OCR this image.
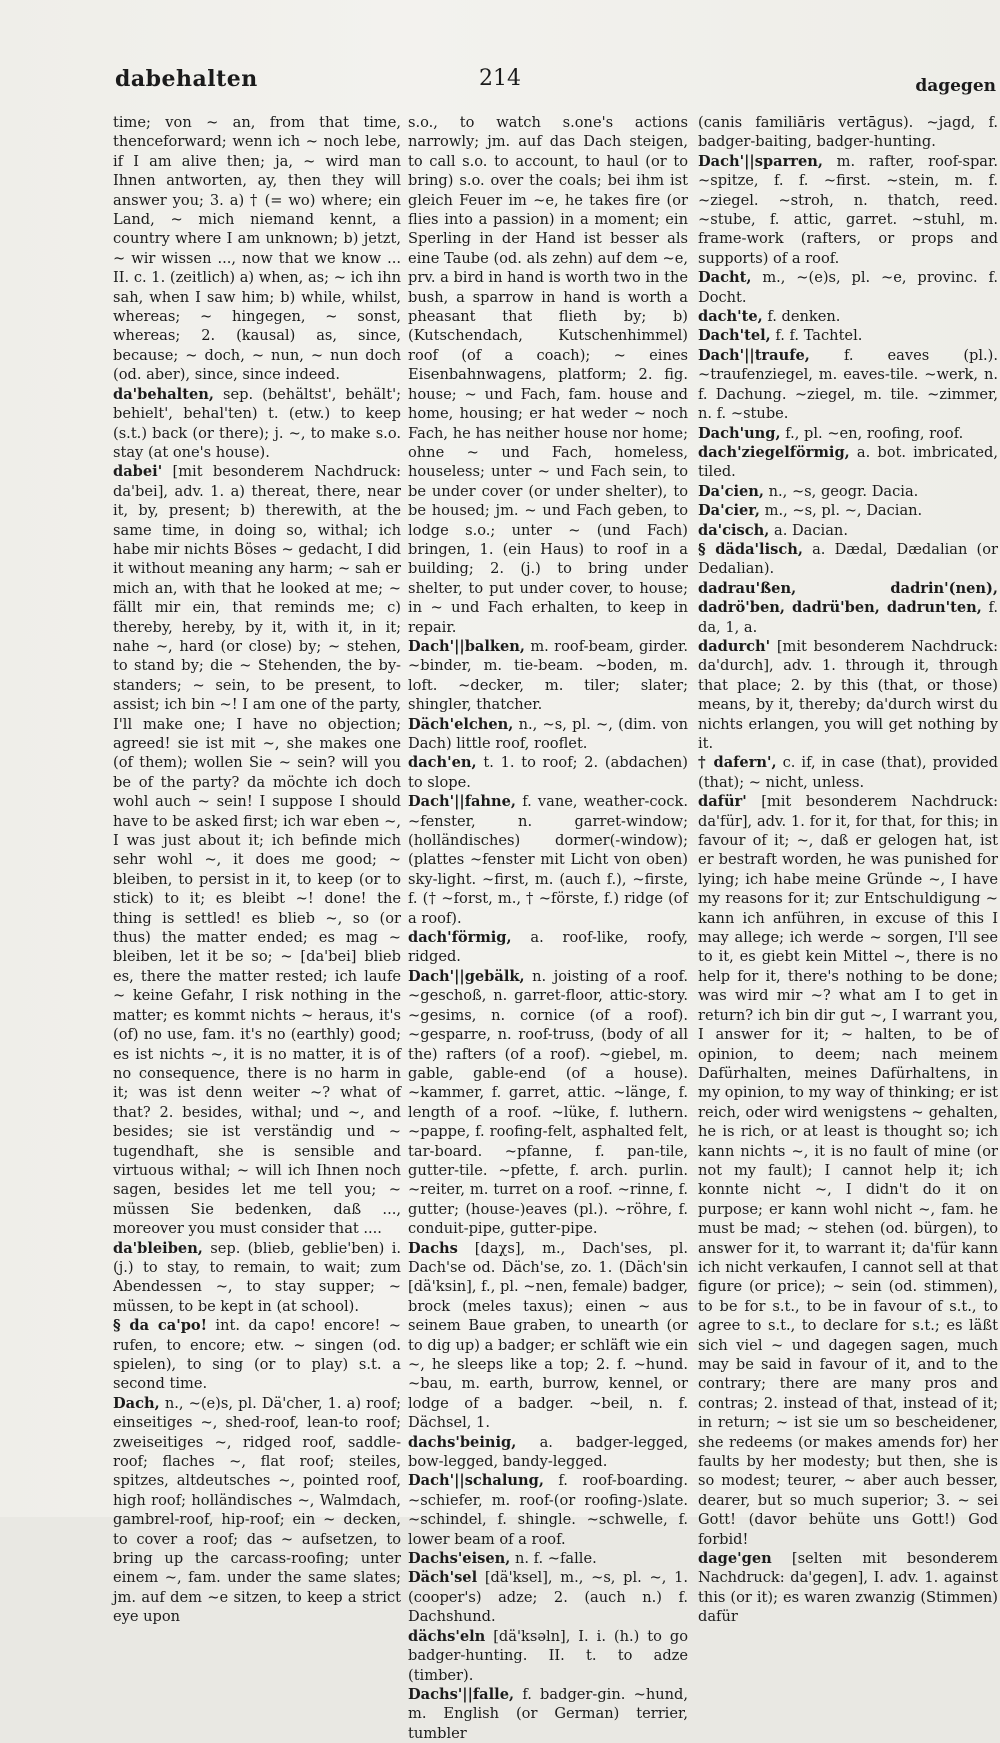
dabehalten	214	dagegen

time; von ~ an, from that time, thenceforward; wenn ich ~ noch lebe, if I am alive then; ja, ~ wird man Ihnen antworten, ay, then they will answer you; 3. a) † (= wo) where; ein Land, ~ mich niemand kennt, a country where I am unknown; b) jetzt, ~ wir wissen ..., now that we know ... II. c. 1. (zeitlich) a) when, as; ~ ich ihn sah, when I saw him; b) while, whilst, whereas; ~ hingegen, ~ sonst, whereas; 2. (kausal) as, since, because; ~ doch, ~ nun, ~ nun doch (od. aber), since, since indeed.

da'behalten, sep. (behältst', behält'; behielt', behal'ten) t. (etw.) to keep (s.t.) back (or there); j. ~, to make s.o. stay (at one's house).

dabei' [mit besonderem Nachdruck: da'bei], adv. 1. a) thereat, there, near it, by, present; b) therewith, at the same time, in doing so, withal; ich habe mir nichts Böses ~ gedacht, I did it without meaning any harm; ~ sah er mich an, with that he looked at me; ~ fällt mir ein, that reminds me; c) thereby, hereby, by it, with it, in it; nahe ~, hard (or close) by; ~ stehen, to stand by; die ~ Stehenden, the by-standers; ~ sein, to be present, to assist; ich bin ~! I am one of the party, I'll make one; I have no objection; agreed! sie ist mit ~, she makes one (of them); wollen Sie ~ sein? will you be of the party? da möchte ich doch wohl auch ~ sein! I suppose I should have to be asked first; ich war eben ~, I was just about it; ich befinde mich sehr wohl ~, it does me good; ~ bleiben, to persist in it, to keep (or to stick) to it; es bleibt ~! done! the thing is settled! es blieb ~, so (or thus) the matter ended; es mag ~ bleiben, let it be so; ~ [da'bei] blieb es, there the matter rested; ich laufe ~ keine Gefahr, I risk nothing in the matter; es kommt nichts ~ heraus, it's (of) no use, fam. it's no (earthly) good; es ist nichts ~, it is no matter, it is of no consequence, there is no harm in it; was ist denn weiter ~? what of that? 2. besides, withal; und ~, and besides; sie ist verständig und ~ tugendhaft, she is sensible and virtuous withal; ~ will ich Ihnen noch sagen, besides let me tell you; ~ müssen Sie bedenken, daß ..., moreover you must consider that ....

da'bleiben, sep. (blieb, geblie'ben) i. (j.) to stay, to remain, to wait; zum Abendessen ~, to stay supper; ~ müssen, to be kept in (at school).

§ da ca'po! int. da capo! encore! ~ rufen, to encore; etw. ~ singen (od. spielen), to sing (or to play) s.t. a second time.

Dach, n., ~(e)s, pl. Dä'cher, 1. a) roof; einseitiges ~, shed-roof, lean-to roof; zweiseitiges ~, ridged roof, saddle-roof; flaches ~, flat roof; steiles, spitzes, altdeutsches ~, pointed roof, high roof; holländisches ~, Walmdach, gambrel-roof, hip-roof; ein ~ decken, to cover a roof; das ~ aufsetzen, to bring up the carcass-roofing; unter einem ~, fam. under the same slates; jm. auf dem ~e sitzen, to keep a strict eye upon

s.o., to watch s.one's actions narrowly; jm. auf das Dach steigen, to call s.o. to account, to haul (or to bring) s.o. over the coals; bei ihm ist gleich Feuer im ~e, he takes fire (or flies into a passion) in a moment; ein Sperling in der Hand ist besser als eine Taube (od. als zehn) auf dem ~e, prv. a bird in hand is worth two in the bush, a sparrow in hand is worth a pheasant that flieth by; b) (Kutschendach, Kutschenhimmel) roof (of a coach); ~ eines Eisenbahnwagens, platform; 2. fig. house; ~ und Fach, fam. house and home, housing; er hat weder ~ noch Fach, he has neither house nor home; ohne ~ und Fach, homeless, houseless; unter ~ und Fach sein, to be under cover (or under shelter), to be housed; jm. ~ und Fach geben, to lodge s.o.; unter ~ (und Fach) bringen, 1. (ein Haus) to roof in a building; 2. (j.) to bring under shelter, to put under cover, to house; in ~ und Fach erhalten, to keep in repair.

Dach'||balken, m. roof-beam, girder. ~binder, m. tie-beam. ~boden, m. loft. ~decker, m. tiler; slater; shingler, thatcher.

Däch'elchen, n., ~s, pl. ~, (dim. von Dach) little roof, rooflet.

dach'en, t. 1. to roof; 2. (abdachen) to slope.

Dach'||fahne, f. vane, weather-cock. ~fenster, n. garret-window; (holländisches) dormer(-window); (plattes ~fenster mit Licht von oben) sky-light. ~first, m. (auch f.), ~firste, f. († ~forst, m., † ~förste, f.) ridge (of a roof).

dach'förmig, a. roof-like, roofy, ridged.

Dach'||gebälk, n. joisting of a roof. ~geschoß, n. garret-floor, attic-story. ~gesims, n. cornice (of a roof). ~gesparre, n. roof-truss, (body of all the) rafters (of a roof). ~giebel, m. gable, gable-end (of a house). ~kammer, f. garret, attic. ~länge, f. length of a roof. ~lüke, f. luthern. ~pappe, f. roofing-felt, asphalted felt, tar-board. ~pfanne, f. pan-tile, gutter-tile. ~pfette, f. arch. purlin. ~reiter, m. turret on a roof. ~rinne, f. gutter; (house-)eaves (pl.). ~röhre, f. conduit-pipe, gutter-pipe.

Dachs [daχs], m., Dach'ses, pl. Dach'se od. Däch'se, zo. 1. (Däch'sin [dä'ksin], f., pl. ~nen, female) badger, brock (meles taxus); einen ~ aus seinem Baue graben, to unearth (or to dig up) a badger; er schläft wie ein ~, he sleeps like a top; 2. f. ~hund. ~bau, m. earth, burrow, kennel, or lodge of a badger. ~beil, n. f. Dächsel, 1.

dachs'beinig, a. badger-legged, bow-legged, bandy-legged.

Dach'||schalung, f. roof-boarding. ~schiefer, m. roof-(or roofing-)slate. ~schindel, f. shingle. ~schwelle, f. lower beam of a roof.

Dachs'eisen, n. f. ~falle.

Däch'sel [dä'ksel], m., ~s, pl. ~, 1. (cooper's) adze; 2. (auch n.) f. Dachshund.

dächs'eln [dä'ksəln], I. i. (h.) to go badger-hunting. II. t. to adze (timber).

Dachs'||falle, f. badger-gin. ~hund, m. English (or German) terrier, tumbler

(canis familiāris vertāgus). ~jagd, f. badger-baiting, badger-hunting.

Dach'||sparren, m. rafter, roof-spar. ~spitze, f. f. ~first. ~stein, m. f. ~ziegel. ~stroh, n. thatch, reed. ~stube, f. attic, garret. ~stuhl, m. frame-work (rafters, or props and supports) of a roof.

Dacht, m., ~(e)s, pl. ~e, provinc. f. Docht.

dach'te, f. denken.

Dach'tel, f. f. Tachtel.

Dach'||traufe, f. eaves (pl.). ~traufenziegel, m. eaves-tile. ~werk, n. f. Dachung. ~ziegel, m. tile. ~zimmer, n. f. ~stube.

Dach'ung, f., pl. ~en, roofing, roof.

dach'ziegelförmig, a. bot. imbricated, tiled.

Da'cien, n., ~s, geogr. Dacia.

Da'cier, m., ~s, pl. ~, Dacian.

da'cisch, a. Dacian.

§ däda'lisch, a. Dædal, Dædalian (or Dedalian).

dadrau'ßen, dadrin'(nen), dadrö'ben, dadrü'ben, dadrun'ten, f. da, 1, a.

dadurch' [mit besonderem Nachdruck: da'durch], adv. 1. through it, through that place; 2. by this (that, or those) means, by it, thereby; da'durch wirst du nichts erlangen, you will get nothing by it.

† dafern', c. if, in case (that), provided (that); ~ nicht, unless.

dafür' [mit besonderem Nachdruck: da'für], adv. 1. for it, for that, for this; in favour of it; ~, daß er gelogen hat, ist er bestraft worden, he was punished for lying; ich habe meine Gründe ~, I have my reasons for it; zur Entschuldigung ~ kann ich anführen, in excuse of this I may allege; ich werde ~ sorgen, I'll see to it, es giebt kein Mittel ~, there is no help for it, there's nothing to be done; was wird mir ~? what am I to get in return? ich bin dir gut ~, I warrant you, I answer for it; ~ halten, to be of opinion, to deem; nach meinem Dafürhalten, meines Dafürhaltens, in my opinion, to my way of thinking; er ist reich, oder wird wenigstens ~ gehalten, he is rich, or at least is thought so; ich kann nichts ~, it is no fault of mine (or not my fault); I cannot help it; ich konnte nicht ~, I didn't do it on purpose; er kann wohl nicht ~, fam. he must be mad; ~ stehen (od. bürgen), to answer for it, to warrant it; da'für kann ich nicht verkaufen, I cannot sell at that figure (or price); ~ sein (od. stimmen), to be for s.t., to be in favour of s.t., to agree to s.t., to declare for s.t.; es läßt sich viel ~ und dagegen sagen, much may be said in favour of it, and to the contrary; there are many pros and contras; 2. instead of that, instead of it; in return; ~ ist sie um so bescheidener, she redeems (or makes amends for) her faults by her modesty; but then, she is so modest; teurer, ~ aber auch besser, dearer, but so much superior; 3. ~ sei Gott! (davor behüte uns Gott!) God forbid!

dage'gen [selten mit besonderem Nachdruck: da'gegen], I. adv. 1. against this (or it); es waren zwanzig (Stimmen) dafür
